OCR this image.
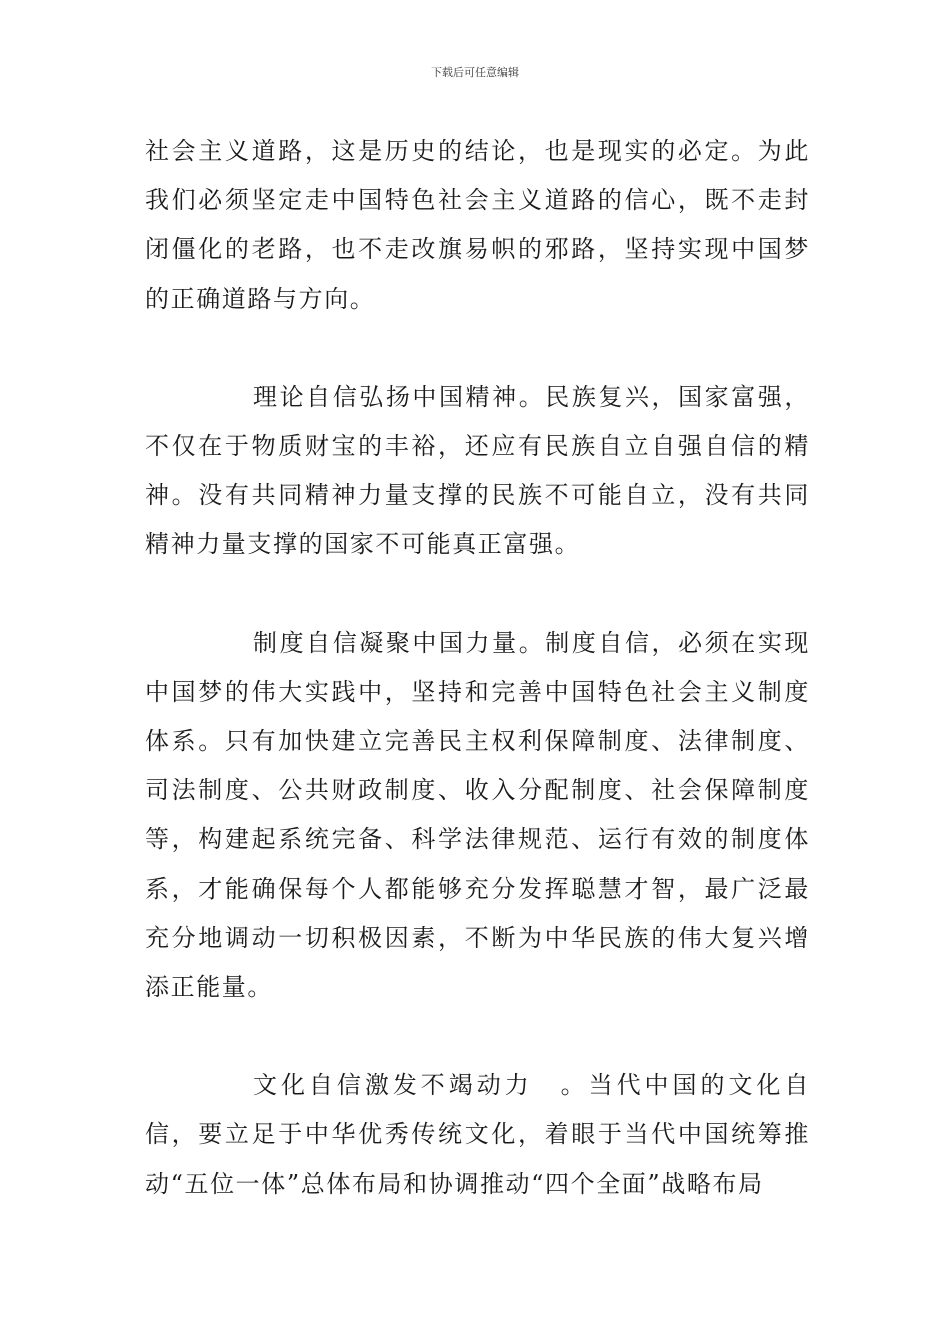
下载后可任意编辑

社会主义道路，这是历史的结论，也是现实的必定。为此我们必须坚定走中国特色社会主义道路的信心，既不走封闭僵化的老路，也不走改旗易帜的邪路，坚持实现中国梦的正确道路与方向。

理论自信弘扬中国精神。民族复兴，国家富强，不仅在于物质财宝的丰裕，还应有民族自立自强自信的精神。没有共同精神力量支撑的民族不可能自立，没有共同精神力量支撑的国家不可能真正富强。

制度自信凝聚中国力量。制度自信，必须在实现中国梦的伟大实践中，坚持和完善中国特色社会主义制度体系。只有加快建立完善民主权利保障制度、法律制度、司法制度、公共财政制度、收入分配制度、社会保障制度等，构建起系统完备、科学法律规范、运行有效的制度体系，才能确保每个人都能够充分发挥聪慧才智，最广泛最充分地调动一切积极因素，不断为中华民族的伟大复兴增添正能量。

文化自信激发不竭动力　。当代中国的文化自信，要立足于中华优秀传统文化，着眼于当代中国统筹推动“五位一体”总体布局和协调推动“四个全面”战略布局
